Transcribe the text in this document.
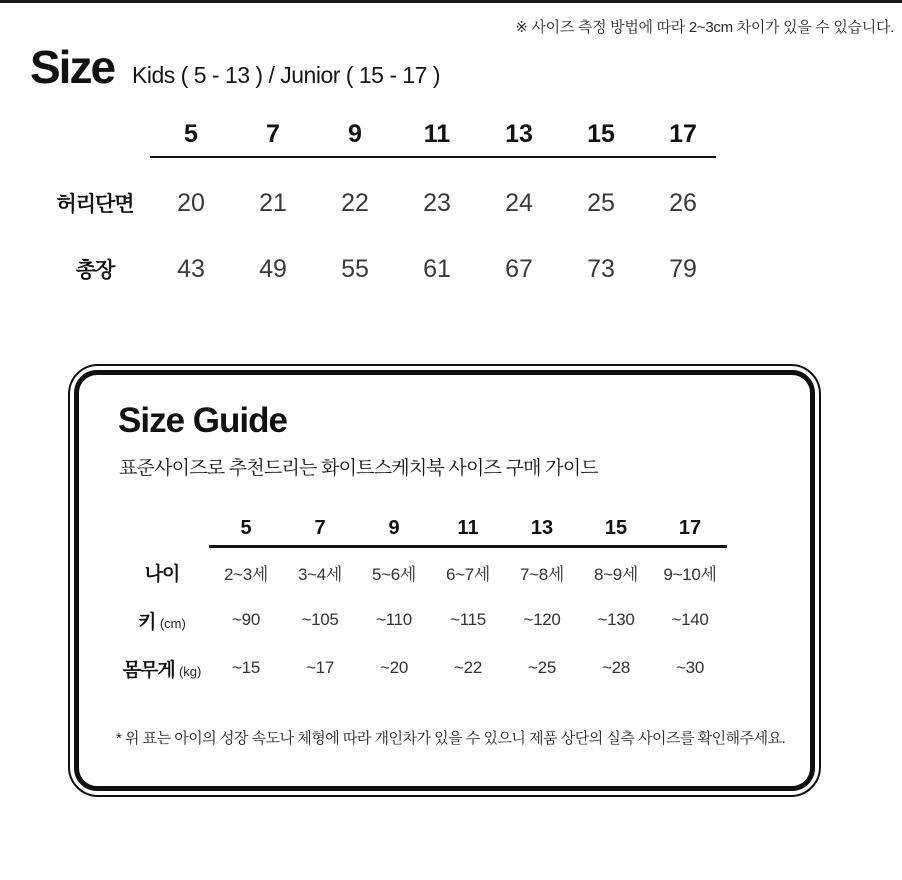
※ 사이즈 측정 방법에 따라 2~3cm 차이가 있을 수 있습니다.
Size Kids ( 5 - 13 ) / Junior ( 15 - 17 )
5	7	9	11	13	15	17
허리단면	20	21	22	23	24	25	26
총장	43	49	55	61	67	73	79
Size Guide
표준사이즈로 추천드리는 화이트스케치북 사이즈 구매 가이드
5	7	9	11	13	15	17
나이	2~3세	3~4세	5~6세	6~7세	7~8세	8~9세	9~10세
키 (cm)	~90	~105	~110	~115	~120	~130	~140
몸무게 (kg)	~15	~17	~20	~22	~25	~28	~30
* 위 표는 아이의 성장 속도나 체형에 따라 개인차가 있을 수 있으니 제품 상단의 실측 사이즈를 확인해주세요.
